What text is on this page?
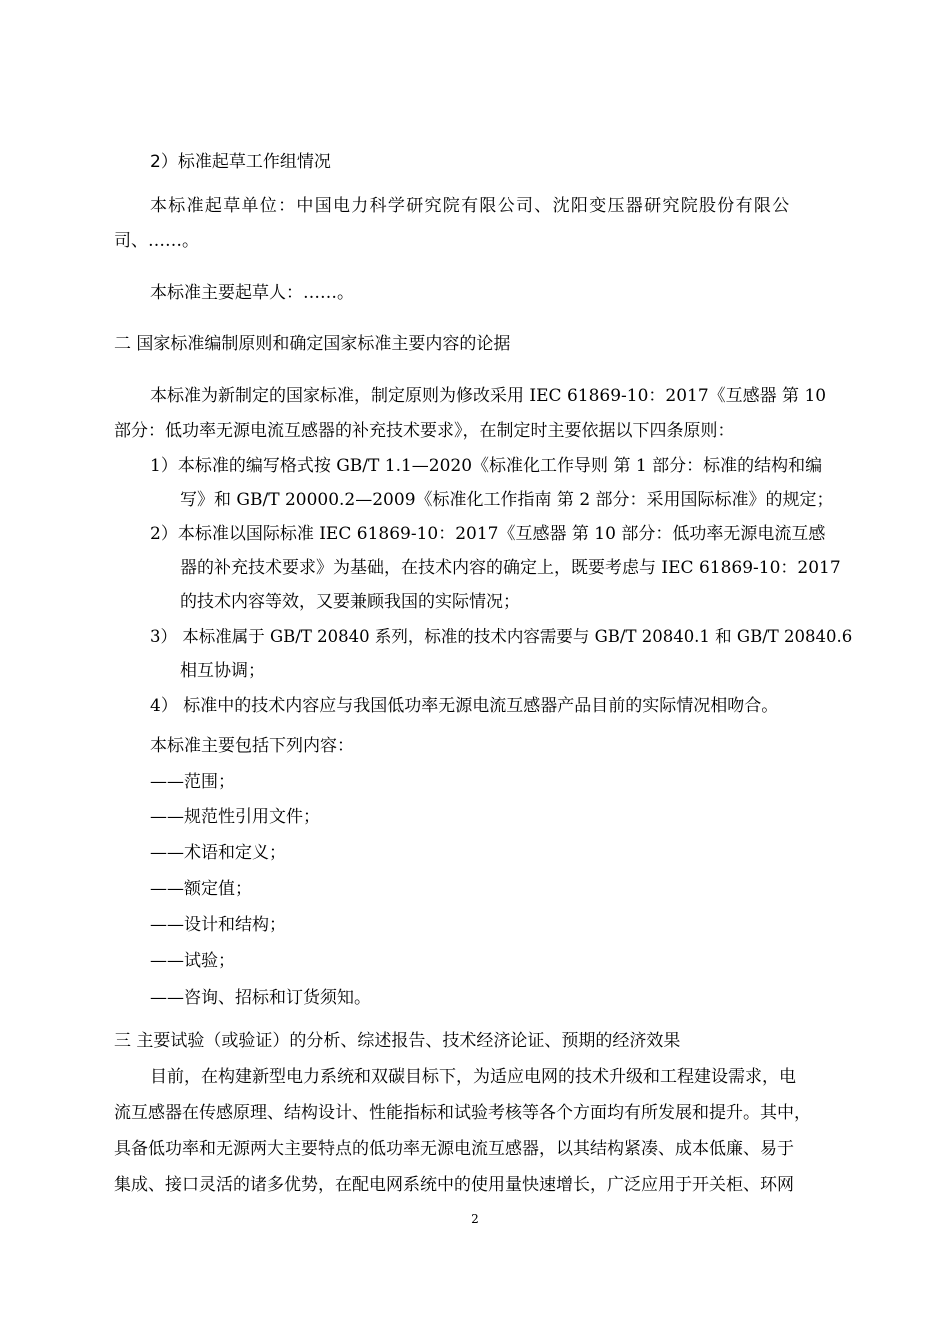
2）标准起草工作组情况
本标准起草单位：中国电力科学研究院有限公司、沈阳变压器研究院股份有限公
司、……。
本标准主要起草人：……。
二 国家标准编制原则和确定国家标准主要内容的论据
本标准为新制定的国家标准，制定原则为修改采用 IEC 61869-10：2017《互感器 第 10
部分：低功率无源电流互感器的补充技术要求》，在制定时主要依据以下四条原则：
1）本标准的编写格式按 GB/T 1.1—2020《标准化工作导则 第 1 部分：标准的结构和编
写》和 GB/T 20000.2—2009《标准化工作指南 第 2 部分：采用国际标准》的规定；
2）本标准以国际标准 IEC 61869-10：2017《互感器 第 10 部分：低功率无源电流互感
器的补充技术要求》为基础，在技术内容的确定上，既要考虑与 IEC 61869-10：2017
的技术内容等效，又要兼顾我国的实际情况；
3） 本标准属于 GB/T 20840 系列，标准的技术内容需要与 GB/T 20840.1 和 GB/T 20840.6
相互协调；
4） 标准中的技术内容应与我国低功率无源电流互感器产品目前的实际情况相吻合。
本标准主要包括下列内容：
——范围；
——规范性引用文件；
——术语和定义；
——额定值；
——设计和结构；
——试验；
——咨询、招标和订货须知。
三 主要试验（或验证）的分析、综述报告、技术经济论证、预期的经济效果
目前，在构建新型电力系统和双碳目标下，为适应电网的技术升级和工程建设需求，电
流互感器在传感原理、结构设计、性能指标和试验考核等各个方面均有所发展和提升。其中，
具备低功率和无源两大主要特点的低功率无源电流互感器，以其结构紧凑、成本低廉、易于
集成、接口灵活的诸多优势，在配电网系统中的使用量快速增长，广泛应用于开关柜、环网
2
